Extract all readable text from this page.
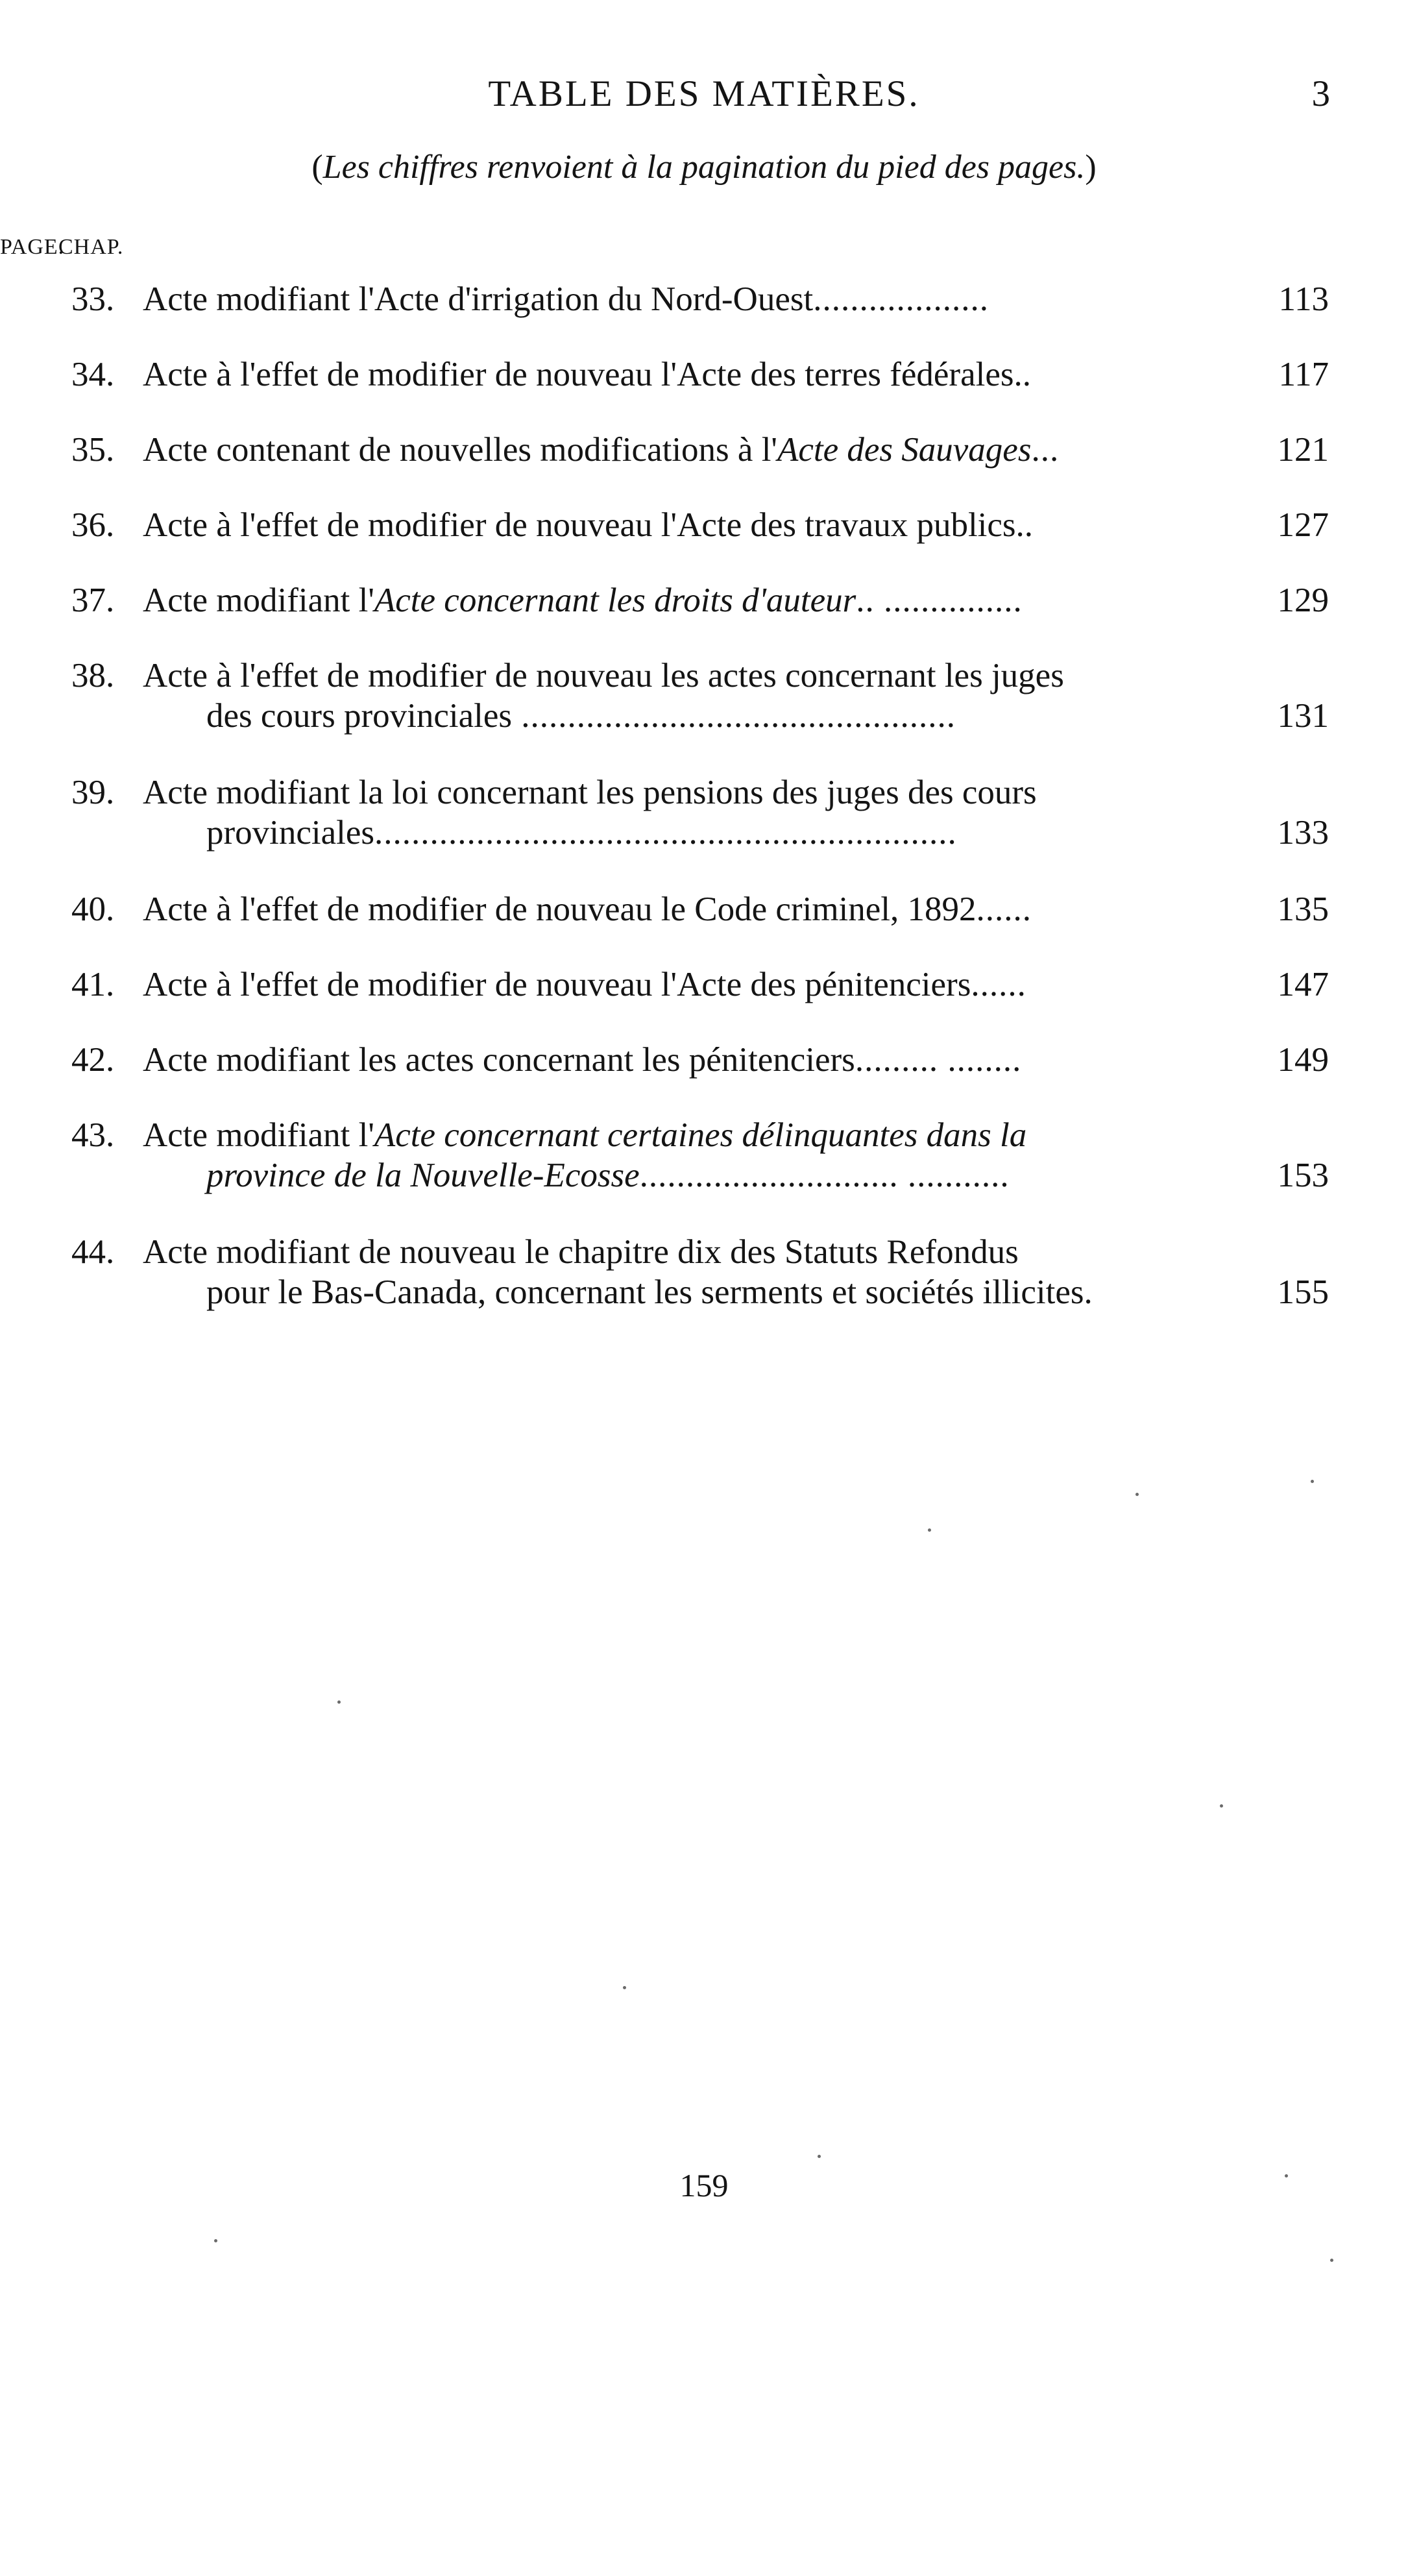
TABLE DES MATIÈRES.	3
(Les chiffres renvoient à la pagination du pied des pages.)
CHAP.
PAGE.
33. Acte modifiant l'Acte d'irrigation du Nord-Ouest...................	113
34. Acte à l'effet de modifier de nouveau l'Acte des terres fédérales..	117
35. Acte contenant de nouvelles modifications à l'Acte des Sauvages...	121
36. Acte à l'effet de modifier de nouveau l'Acte des travaux publics..	127
37. Acte modifiant l'Acte concernant les droits d'auteur.. ...............	129
38. Acte à l'effet de modifier de nouveau les actes concernant les juges
des cours provinciales ...............................................	131
39. Acte modifiant la loi concernant les pensions des juges des cours
provinciales...............................................................	133
40. Acte à l'effet de modifier de nouveau le Code criminel, 1892......	135
41. Acte à l'effet de modifier de nouveau l'Acte des pénitenciers......	147
42. Acte modifiant les actes concernant les pénitenciers......... ........	149
43. Acte modifiant l'Acte concernant certaines délinquantes dans la
province de la Nouvelle-Ecosse............................ ...........	153
44. Acte modifiant de nouveau le chapitre dix des Statuts Refondus
pour le Bas-Canada, concernant les serments et sociétés illicites.	155
159
